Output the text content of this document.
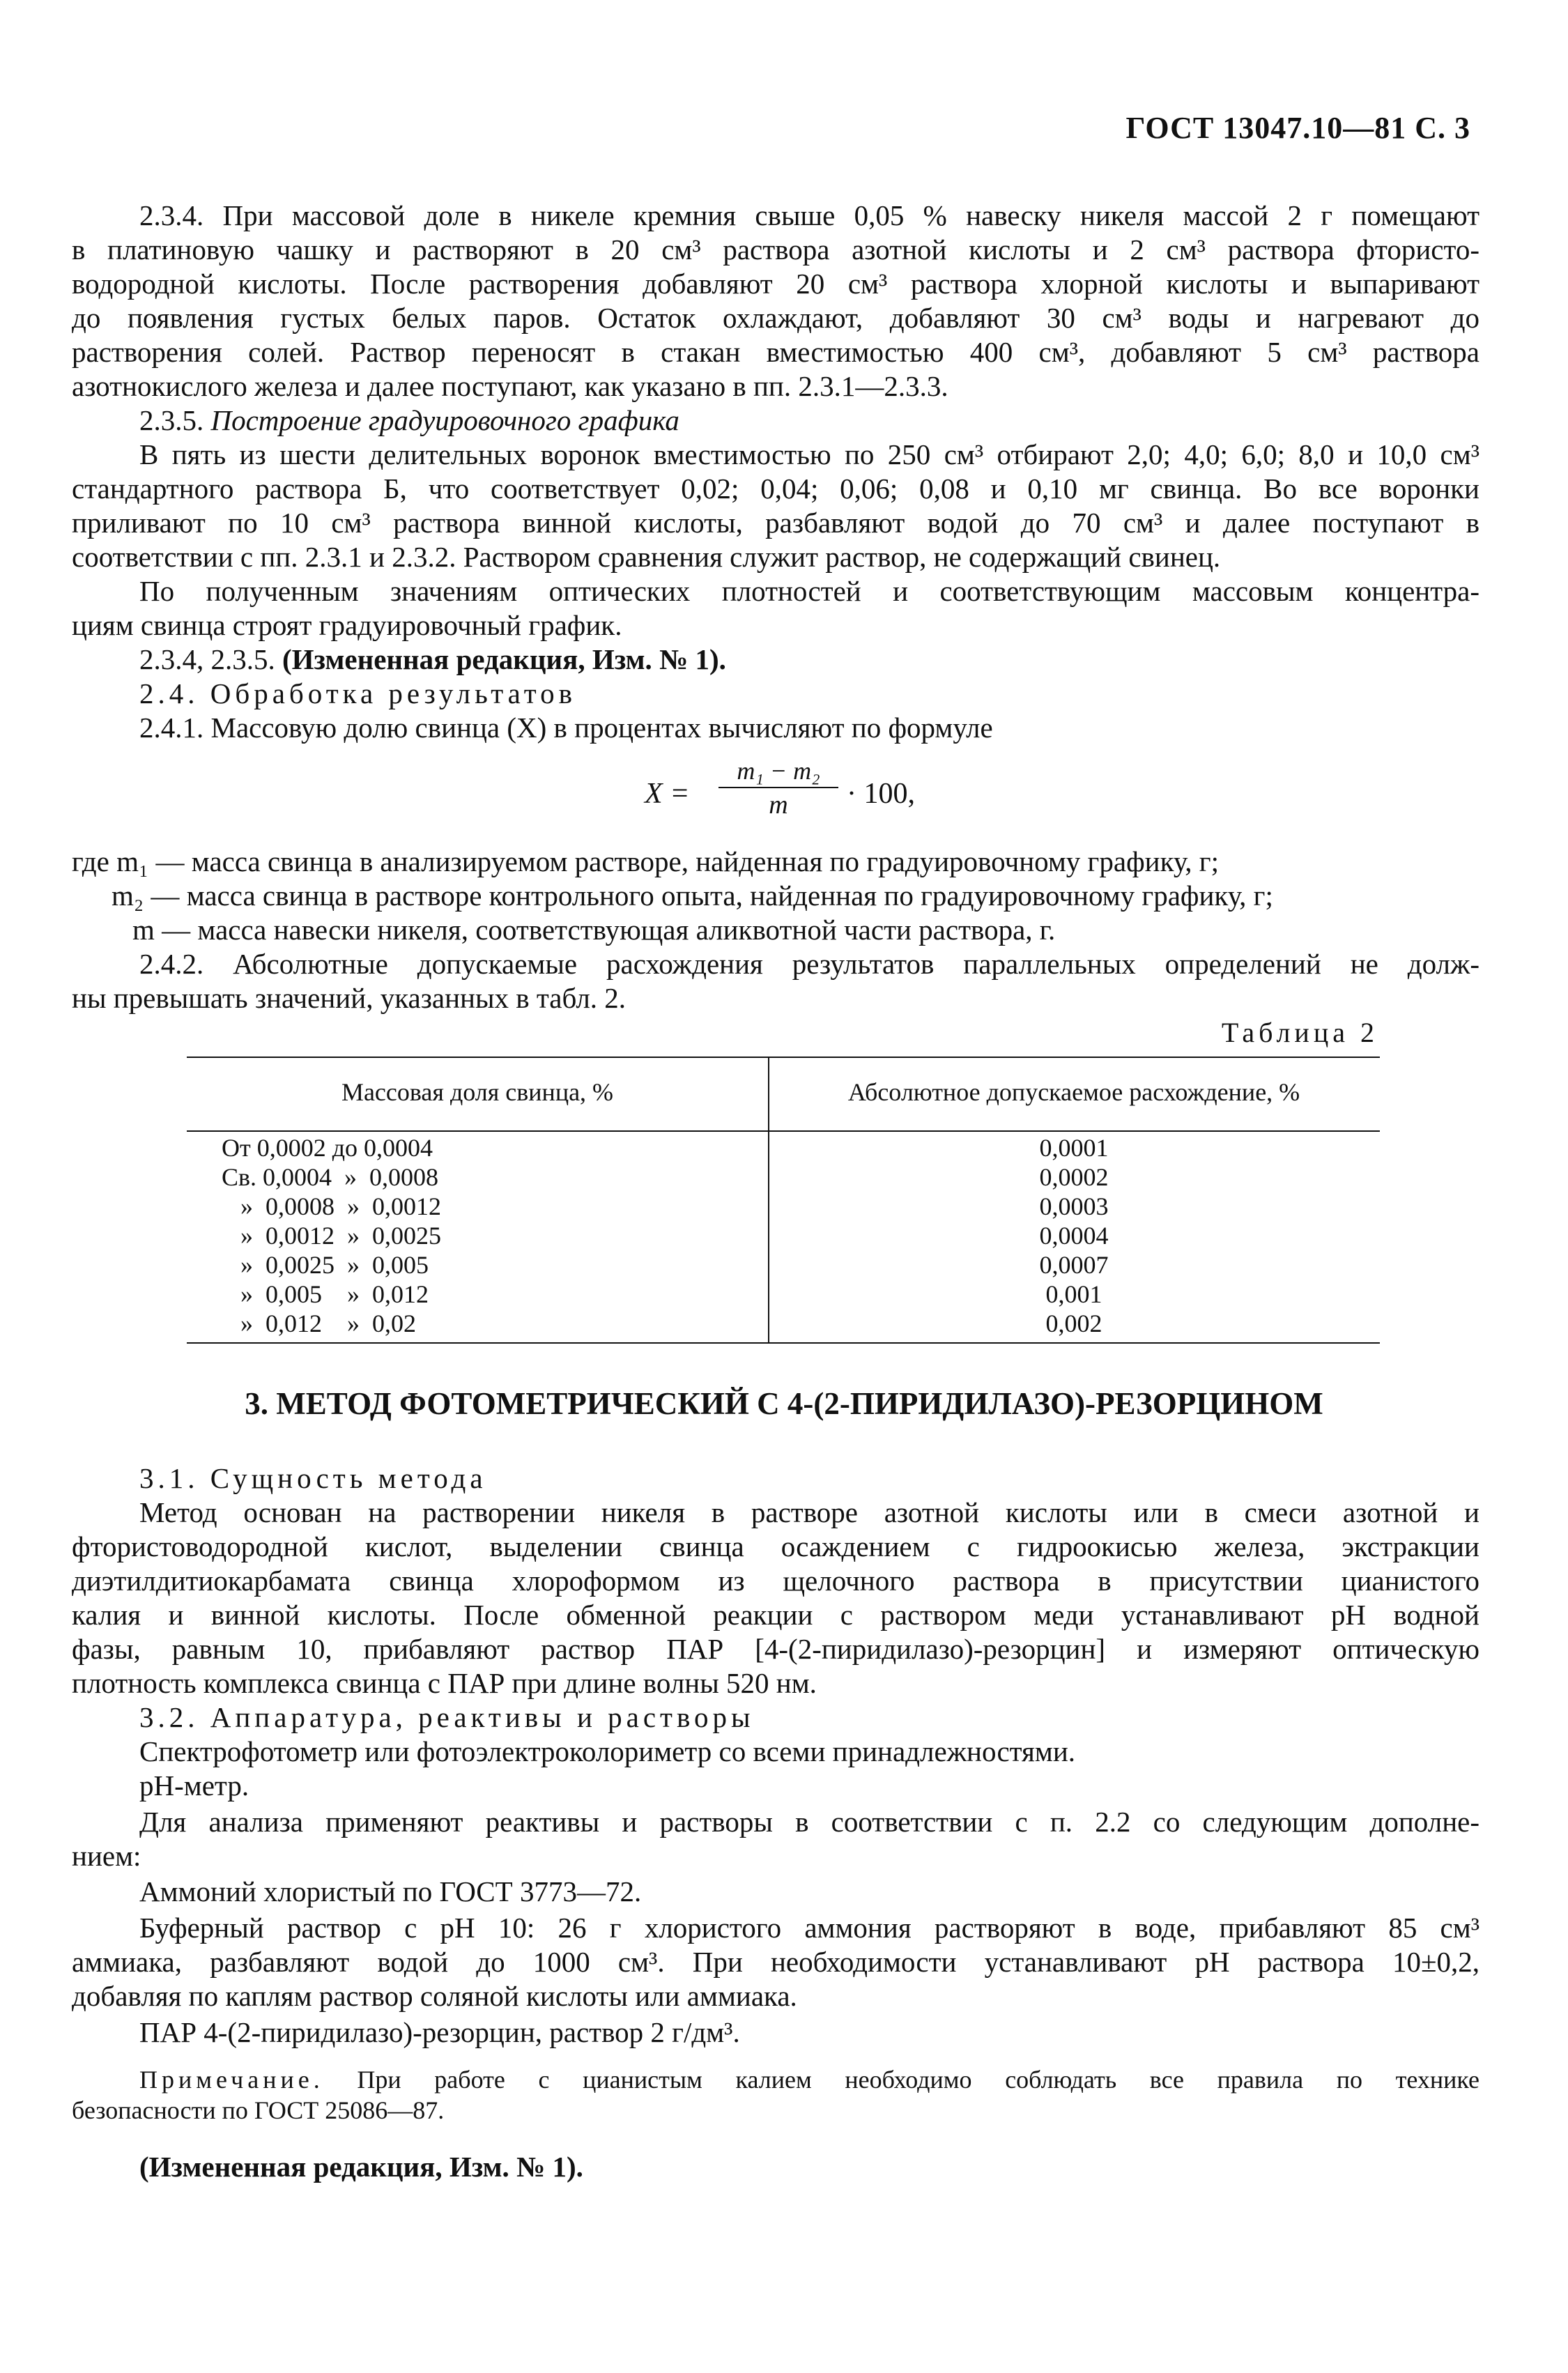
ГОСТ 13047.10—81 С. 3
2.3.4. При массовой доле в никеле кремния свыше 0,05 % навеску никеля массой 2 г помещают
в платиновую чашку и растворяют в 20 см³ раствора азотной кислоты и 2 см³ раствора фтористо-
водородной кислоты. После растворения добавляют 20 см³ раствора хлорной кислоты и выпаривают
до появления густых белых паров. Остаток охлаждают, добавляют 30 см³ воды и нагревают до
растворения солей. Раствор переносят в стакан вместимостью 400 см³, добавляют 5 см³ раствора
азотнокислого железа и далее поступают, как указано в пп. 2.3.1—2.3.3.
2.3.5. Построение градуировочного графика
В пять из шести делительных воронок вместимостью по 250 см³ отбирают 2,0; 4,0; 6,0; 8,0 и 10,0 см³
стандартного раствора Б, что соответствует 0,02; 0,04; 0,06; 0,08 и 0,10 мг свинца. Во все воронки
приливают по 10 см³ раствора винной кислоты, разбавляют водой до 70 см³ и далее поступают в
соответствии с пп. 2.3.1 и 2.3.2. Раствором сравнения служит раствор, не содержащий свинец.
По полученным значениям оптических плотностей и соответствующим массовым концентра-
циям свинца строят градуировочный график.
2.3.4, 2.3.5. (Измененная редакция, Изм. № 1).
2.4. Обработка результатов
2.4.1. Массовую долю свинца (X) в процентах вычисляют по формуле
X =
m₁ − m₂
m	· 100,
где m₁ — масса свинца в анализируемом растворе, найденная по градуировочному графику, г;
m₂ — масса свинца в растворе контрольного опыта, найденная по градуировочному графику, г;
m — масса навески никеля, соответствующая аликвотной части раствора, г.
2.4.2. Абсолютные допускаемые расхождения результатов параллельных определений не долж-
ны превышать значений, указанных в табл. 2.
Таблица 2
Массовая доля свинца, %	Абсолютное допускаемое расхождение, %
От 0,0002 до 0,0004
Св. 0,0004  »  0,0008
»  0,0008  »  0,0012
»  0,0012  »  0,0025
»  0,0025  »  0,005
»  0,005    »  0,012
»  0,012    »  0,02
0,0001
0,0002
0,0003
0,0004
0,0007
0,001
0,002
3. МЕТОД ФОТОМЕТРИЧЕСКИЙ С 4-(2-ПИРИДИЛАЗО)-РЕЗОРЦИНОМ
3.1. Сущность метода
Метод основан на растворении никеля в растворе азотной кислоты или в смеси азотной и
фтористоводородной кислот, выделении свинца осаждением с гидроокисью железа, экстракции
диэтилдитиокарбамата свинца хлороформом из щелочного раствора в присутствии цианистого
калия и винной кислоты. После обменной реакции с раствором меди устанавливают pH водной
фазы, равным 10, прибавляют раствор ПАР [4-(2-пиридилазо)-резорцин] и измеряют оптическую
плотность комплекса свинца с ПАР при длине волны 520 нм.
3.2. Аппаратура, реактивы и растворы
Спектрофотометр или фотоэлектроколориметр со всеми принадлежностями.
pH-метр.
Для анализа применяют реактивы и растворы в соответствии с п. 2.2 со следующим дополне-
нием:
Аммоний хлористый по ГОСТ 3773—72.
Буферный раствор с pH 10: 26 г хлористого аммония растворяют в воде, прибавляют 85 см³
аммиака, разбавляют водой до 1000 см³. При необходимости устанавливают pH раствора 10±0,2,
добавляя по каплям раствор соляной кислоты или аммиака.
ПАР 4-(2-пиридилазо)-резорцин, раствор 2 г/дм³.
Примечание. При работе с цианистым калием необходимо соблюдать все правила по технике
безопасности по ГОСТ 25086—87.
(Измененная редакция, Изм. № 1).
